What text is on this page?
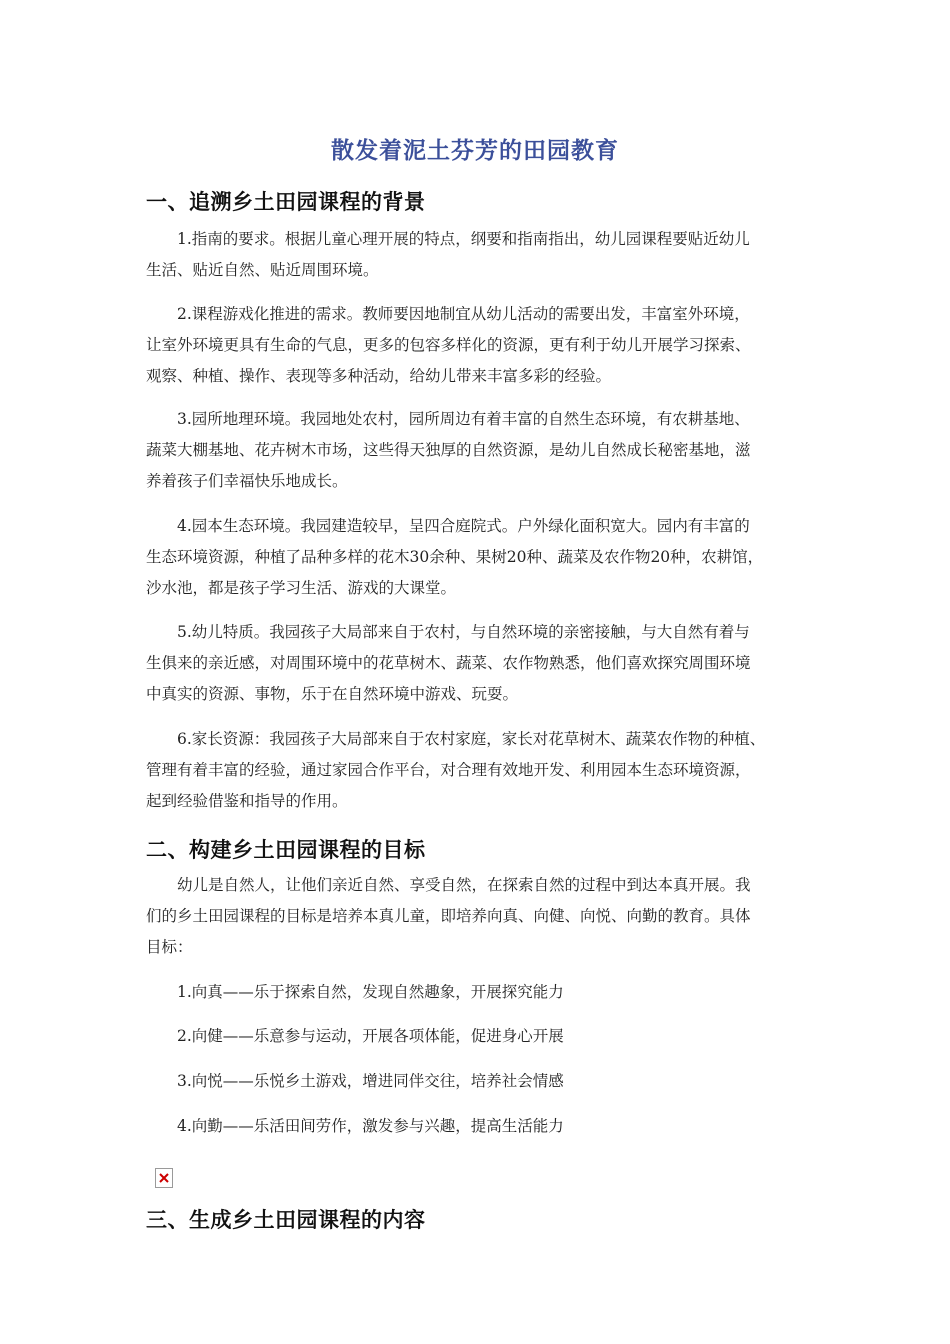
散发着泥土芬芳的田园教育
一、追溯乡土田园课程的背景
1.指南的要求。根据儿童心理开展的特点，纲要和指南指出，幼儿园课程要贴近幼儿
生活、贴近自然、贴近周围环境。
2.课程游戏化推进的需求。教师要因地制宜从幼儿活动的需要出发，丰富室外环境，
让室外环境更具有生命的气息，更多的包容多样化的资源，更有利于幼儿开展学习探索、
观察、种植、操作、表现等多种活动，给幼儿带来丰富多彩的经验。
3.园所地理环境。我园地处农村，园所周边有着丰富的自然生态环境，有农耕基地、
蔬菜大棚基地、花卉树木市场，这些得天独厚的自然资源，是幼儿自然成长秘密基地，滋
养着孩子们幸福快乐地成长。
4.园本生态环境。我园建造较早，呈四合庭院式。户外绿化面积宽大。园内有丰富的
生态环境资源，种植了品种多样的花木30余种、果树20种、蔬菜及农作物20种，农耕馆，
沙水池，都是孩子学习生活、游戏的大课堂。
5.幼儿特质。我园孩子大局部来自于农村，与自然环境的亲密接触，与大自然有着与
生俱来的亲近感，对周围环境中的花草树木、蔬菜、农作物熟悉，他们喜欢探究周围环境
中真实的资源、事物，乐于在自然环境中游戏、玩耍。
6.家长资源：我园孩子大局部来自于农村家庭，家长对花草树木、蔬菜农作物的种植、
管理有着丰富的经验，通过家园合作平台，对合理有效地开发、利用园本生态环境资源，
起到经验借鉴和指导的作用。
二、构建乡土田园课程的目标
幼儿是自然人，让他们亲近自然、享受自然，在探索自然的过程中到达本真开展。我
们的乡土田园课程的目标是培养本真儿童，即培养向真、向健、向悦、向勤的教育。具体
目标：
1.向真——乐于探索自然，发现自然趣象，开展探究能力
2.向健——乐意参与运动，开展各项体能，促进身心开展
3.向悦——乐悦乡土游戏，增进同伴交往，培养社会情感
4.向勤——乐活田间劳作，激发参与兴趣，提高生活能力
三、生成乡土田园课程的内容
